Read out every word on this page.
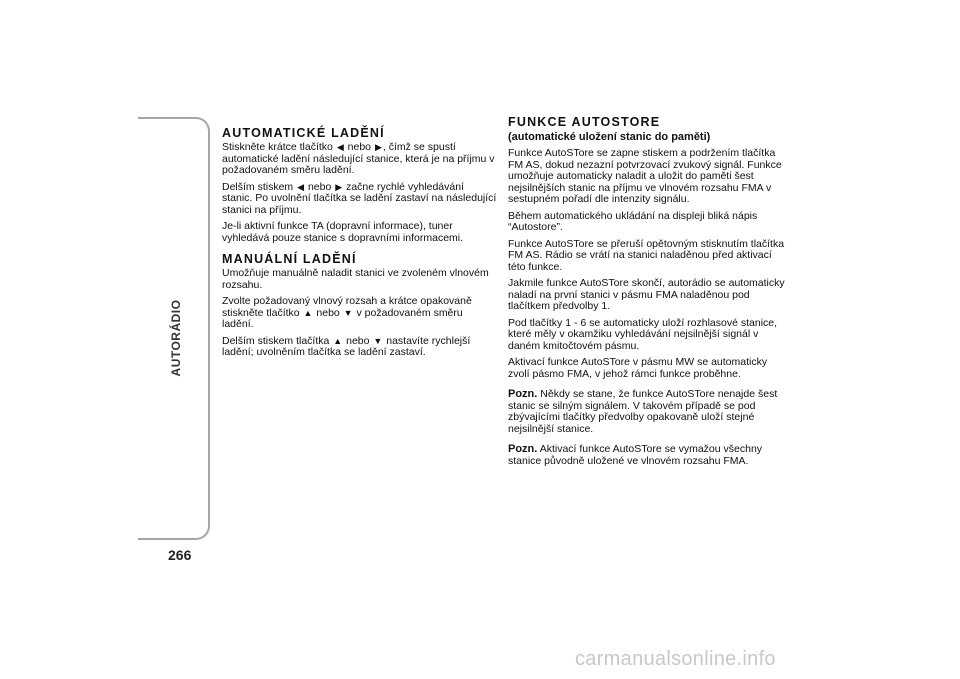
AUTORÁDIO
266
AUTOMATICKÉ LADĚNÍ

Stiskněte krátce tlačítko ◀ nebo ▶, čímž se spustí automatické ladění následující stanice, která je na příjmu v požadovaném směru ladění.

Delším stiskem ◀ nebo ▶ začne rychlé vyhledávání stanic. Po uvolnění tlačítka se ladění zastaví na následující stanici na příjmu.

Je-li aktivní funkce TA (dopravní informace), tuner vyhledává pouze stanice s dopravními informacemi.

MANUÁLNÍ LADĚNÍ

Umožňuje manuálně naladit stanici ve zvoleném vlnovém rozsahu.

Zvolte požadovaný vlnový rozsah a krátce opakovaně stiskněte tlačítko ▲ nebo ▼ v požadovaném směru ladění.

Delším stiskem tlačítka ▲ nebo ▼ nastavíte rychlejší ladění; uvolněním tlačítka se ladění zastaví.

FUNKCE AUTOSTORE
(automatické uložení stanic do paměti)

Funkce AutoSTore se zapne stiskem a podržením tlačítka FM AS, dokud nezazní potvrzovací zvukový signál. Funkce umožňuje automaticky naladit a uložit do paměti šest nejsilnějších stanic na příjmu ve vlnovém rozsahu FMA v sestupném pořadí dle intenzity signálu.

Během automatického ukládání na displeji bliká nápis “Autostore”.

Funkce AutoSTore se přeruší opětovným stisknutím tlačítka FM AS. Rádio se vrátí na stanici naladěnou před aktivací této funkce.

Jakmile funkce AutoSTore skončí, autorádio se automaticky naladí na první stanici v pásmu FMA naladěnou pod tlačítkem předvolby 1.

Pod tlačítky 1 - 6 se automaticky uloží rozhlasové stanice, které měly v okamžiku vyhledávání nejsilnější signál v daném kmitočtovém pásmu.

Aktivací funkce AutoSTore v pásmu MW se automaticky zvolí pásmo FMA, v jehož rámci funkce proběhne.

Pozn. Někdy se stane, že funkce AutoSTore nenajde šest stanic se silným signálem. V takovém případě se pod zbývajícími tlačítky předvolby opakovaně uloží stejné nejsilnější stanice.

Pozn. Aktivací funkce AutoSTore se vymažou všechny stanice původně uložené ve vlnovém rozsahu FMA.

carmanualsonline.info
